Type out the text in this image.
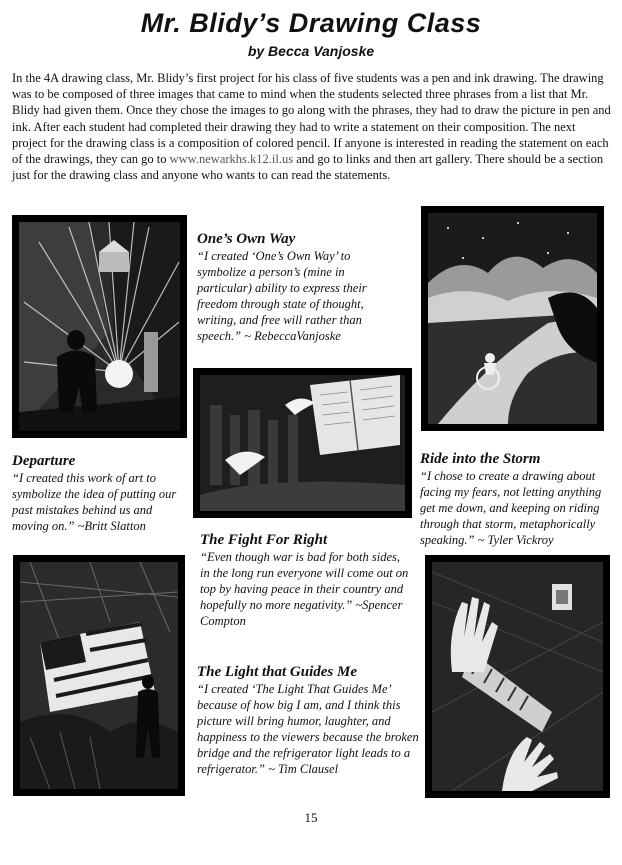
Mr. Blidy’s Drawing Class
by Becca Vanjoske
In the 4A drawing class, Mr. Blidy’s first project for his class of five students was a pen and ink drawing. The drawing was to be composed of three images that came to mind when the students selected three phrases from a list that Mr. Blidy had given them. Once they chose the images to go along with the phrases, they had to draw the picture in pen and ink. After each student had completed their drawing they had to write a statement on their composition. The next project for the drawing class is a composition of colored pencil. If anyone is interested in reading the statement on each of the drawings, they can go to www.newarkhs.k12.il.us and go to links and then art gallery. There should be a section just for the drawing class and anyone who wants to can read the statements.
One’s Own Way

“I created ‘One’s Own Way’ to symbolize a person’s (mine in particular) ability to express their freedom through state of thought, writing, and free will rather than speech.” ~ RebeccaVanjoske

Departure

“I created this work of art to symbolize the idea of putting our past mistakes behind us and moving on.” ~Britt Slatton

Ride into the Storm

“I chose to create a drawing about facing my fears, not letting anything get me down, and keeping on riding through that storm, metaphorically speaking.” ~ Tyler Vickroy

The Fight For Right

“Even though war is bad for both sides, in the long run everyone will come out on top by having peace in their country and hopefully no more negativity.” ~Spencer Compton

The Light that Guides Me

“I created ‘The Light That Guides Me’ because of how big I am, and I think this picture will bring humor, laughter, and happiness to the viewers because the broken bridge and the refrigerator light leads to a refrigerator.” ~ Tim Clausel

15
